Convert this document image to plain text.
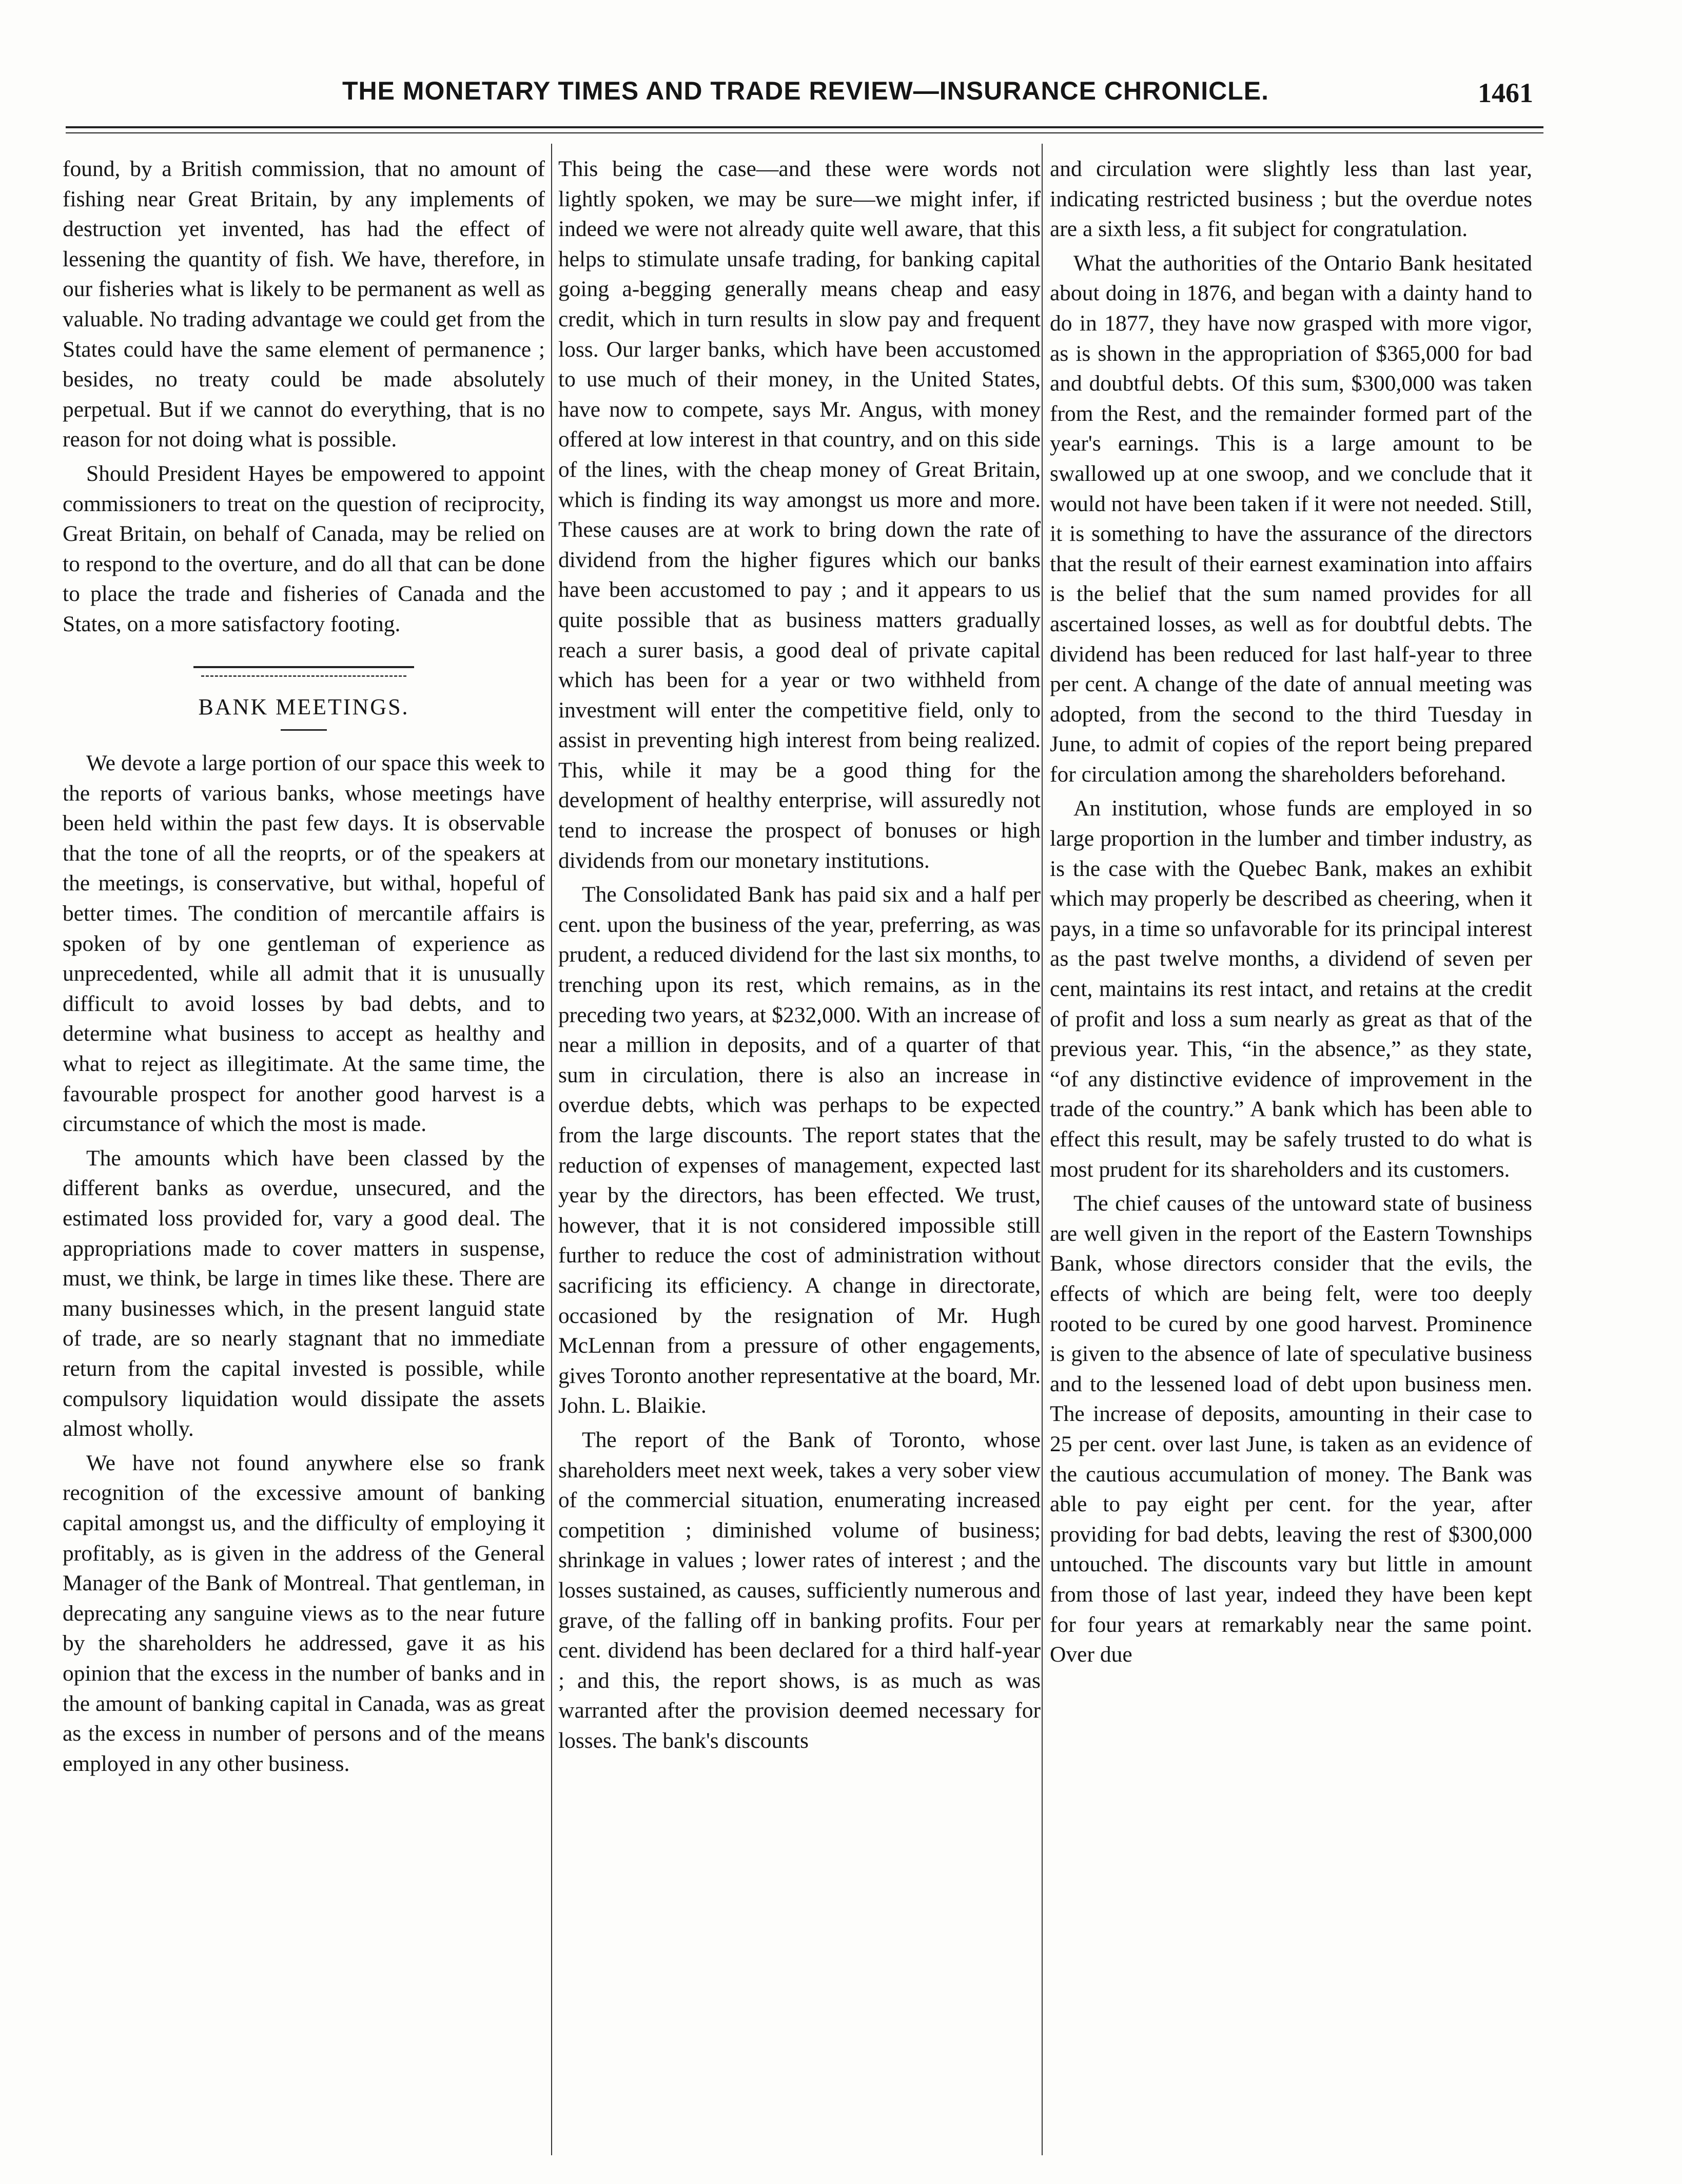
THE MONETARY TIMES AND TRADE REVIEW—INSURANCE CHRONICLE.	1461

found, by a British commission, that no amount of fishing near Great Britain, by any implements of destruction yet invented, has had the effect of lessening the quantity of fish. We have, therefore, in our fisheries what is likely to be permanent as well as valuable. No trading advantage we could get from the States could have the same element of permanence ; besides, no treaty could be made absolutely perpetual. But if we cannot do everything, that is no reason for not doing what is possible.

Should President Hayes be empowered to appoint commissioners to treat on the question of reciprocity, Great Britain, on behalf of Canada, may be relied on to respond to the overture, and do all that can be done to place the trade and fisheries of Canada and the States, on a more satisfactory footing.

BANK MEETINGS.

We devote a large portion of our space this week to the reports of various banks, whose meetings have been held within the past few days. It is observable that the tone of all the reoprts, or of the speakers at the meetings, is conservative, but withal, hopeful of better times. The condition of mercantile affairs is spoken of by one gentleman of experience as unprecedented, while all admit that it is unusually difficult to avoid losses by bad debts, and to determine what business to accept as healthy and what to reject as illegitimate. At the same time, the favourable prospect for another good harvest is a circumstance of which the most is made.

The amounts which have been classed by the different banks as overdue, unsecured, and the estimated loss provided for, vary a good deal. The appropriations made to cover matters in suspense, must, we think, be large in times like these. There are many businesses which, in the present languid state of trade, are so nearly stagnant that no immediate return from the capital invested is possible, while compulsory liquidation would dissipate the assets almost wholly.

We have not found anywhere else so frank recognition of the excessive amount of banking capital amongst us, and the difficulty of employing it profitably, as is given in the address of the General Manager of the Bank of Montreal. That gentleman, in deprecating any sanguine views as to the near future by the shareholders he addressed, gave it as his opinion that the excess in the number of banks and in the amount of banking capital in Canada, was as great as the excess in number of persons and of the means employed in any other business.

This being the case—and these were words not lightly spoken, we may be sure—we might infer, if indeed we were not already quite well aware, that this helps to stimulate unsafe trading, for banking capital going a-begging generally means cheap and easy credit, which in turn results in slow pay and frequent loss. Our larger banks, which have been accustomed to use much of their money, in the United States, have now to compete, says Mr. Angus, with money offered at low interest in that country, and on this side of the lines, with the cheap money of Great Britain, which is finding its way amongst us more and more. These causes are at work to bring down the rate of dividend from the higher figures which our banks have been accustomed to pay ; and it appears to us quite possible that as business matters gradually reach a surer basis, a good deal of private capital which has been for a year or two withheld from investment will enter the competitive field, only to assist in preventing high interest from being realized. This, while it may be a good thing for the development of healthy enterprise, will assuredly not tend to increase the prospect of bonuses or high dividends from our monetary institutions.

The Consolidated Bank has paid six and a half per cent. upon the business of the year, preferring, as was prudent, a reduced dividend for the last six months, to trenching upon its rest, which remains, as in the preceding two years, at $232,000. With an increase of near a million in deposits, and of a quarter of that sum in circulation, there is also an increase in overdue debts, which was perhaps to be expected from the large discounts. The report states that the reduction of expenses of management, expected last year by the directors, has been effected. We trust, however, that it is not considered impossible still further to reduce the cost of administration without sacrificing its efficiency. A change in directorate, occasioned by the resignation of Mr. Hugh McLennan from a pressure of other engagements, gives Toronto another representative at the board, Mr. John. L. Blaikie.

The report of the Bank of Toronto, whose shareholders meet next week, takes a very sober view of the commercial situation, enumerating increased competition ; diminished volume of business; shrinkage in values ; lower rates of interest ; and the losses sustained, as causes, sufficiently numerous and grave, of the falling off in banking profits. Four per cent. dividend has been declared for a third half-year ; and this, the report shows, is as much as was warranted after the provision deemed necessary for losses. The bank's discounts

and circulation were slightly less than last year, indicating restricted business ; but the overdue notes are a sixth less, a fit subject for congratulation.

What the authorities of the Ontario Bank hesitated about doing in 1876, and began with a dainty hand to do in 1877, they have now grasped with more vigor, as is shown in the appropriation of $365,000 for bad and doubtful debts. Of this sum, $300,000 was taken from the Rest, and the remainder formed part of the year's earnings. This is a large amount to be swallowed up at one swoop, and we conclude that it would not have been taken if it were not needed. Still, it is something to have the assurance of the directors that the result of their earnest examination into affairs is the belief that the sum named provides for all ascertained losses, as well as for doubtful debts. The dividend has been reduced for last half-year to three per cent. A change of the date of annual meeting was adopted, from the second to the third Tuesday in June, to admit of copies of the report being prepared for circulation among the shareholders beforehand.

An institution, whose funds are employed in so large proportion in the lumber and timber industry, as is the case with the Quebec Bank, makes an exhibit which may properly be described as cheering, when it pays, in a time so unfavorable for its principal interest as the past twelve months, a dividend of seven per cent, maintains its rest intact, and retains at the credit of profit and loss a sum nearly as great as that of the previous year. This, “in the absence,” as they state, “of any distinctive evidence of improvement in the trade of the country.” A bank which has been able to effect this result, may be safely trusted to do what is most prudent for its shareholders and its customers.

The chief causes of the untoward state of business are well given in the report of the Eastern Townships Bank, whose directors consider that the evils, the effects of which are being felt, were too deeply rooted to be cured by one good harvest. Prominence is given to the absence of late of speculative business and to the lessened load of debt upon business men. The increase of deposits, amounting in their case to 25 per cent. over last June, is taken as an evidence of the cautious accumulation of money. The Bank was able to pay eight per cent. for the year, after providing for bad debts, leaving the rest of $300,000 untouched. The discounts vary but little in amount from those of last year, indeed they have been kept for four years at remarkably near the same point. Over due
